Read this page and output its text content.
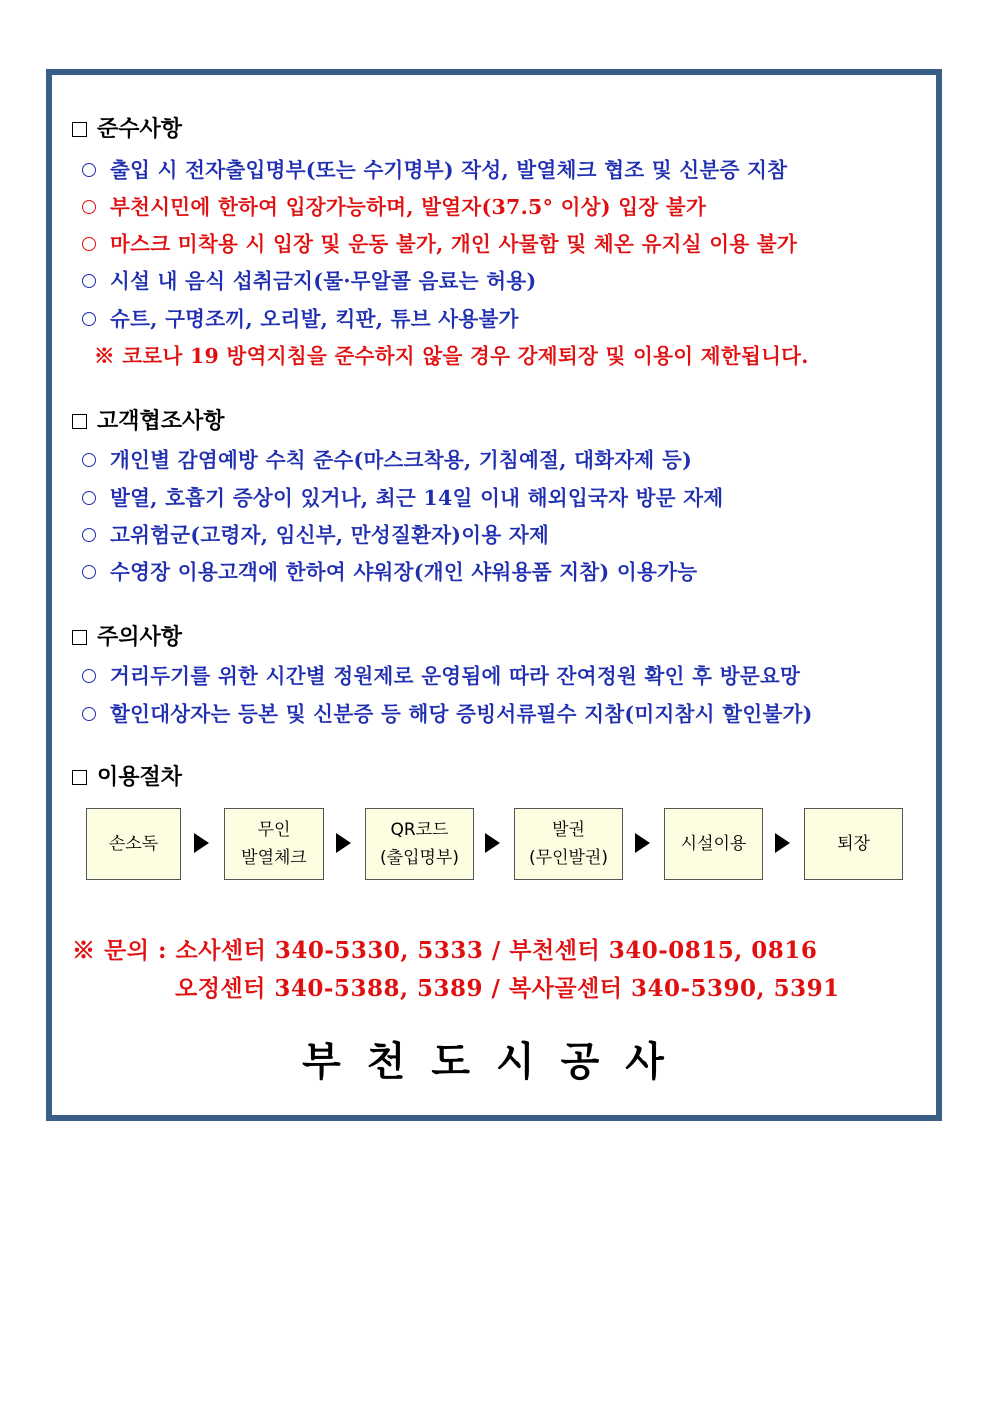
준수사항
출입 시 전자출입명부(또는 수기명부) 작성, 발열체크 협조 및 신분증 지참
부천시민에 한하여 입장가능하며, 발열자(37.5° 이상) 입장 불가
마스크 미착용 시 입장 및 운동 불가, 개인 사물함 및 체온 유지실 이용 불가
시설 내 음식 섭취금지(물·무알콜 음료는 허용)
슈트, 구명조끼, 오리발, 킥판, 튜브 사용불가
※ 코로나 19 방역지침을 준수하지 않을 경우 강제퇴장 및 이용이 제한됩니다.
고객협조사항
개인별 감염예방 수칙 준수(마스크착용, 기침예절, 대화자제 등)
발열, 호흡기 증상이 있거나, 최근 14일 이내 해외입국자 방문 자제
고위험군(고령자, 임신부, 만성질환자)이용 자제
수영장 이용고객에 한하여 샤워장(개인 샤워용품 지참) 이용가능
주의사항
거리두기를 위한 시간별 정원제로 운영됨에 따라 잔여정원 확인 후 방문요망
할인대상자는 등본 및 신분증 등 해당 증빙서류필수 지참(미지참시 할인불가)
이용절차
손소독
무인
발열체크
QR코드
(출입명부)
발권
(무인발권)
시설이용	퇴장
※ 문의 : 소사센터 340-5330, 5333 / 부천센터 340-0815, 0816
오정센터 340-5388, 5389 / 복사골센터 340-5390, 5391
부천도시공사
